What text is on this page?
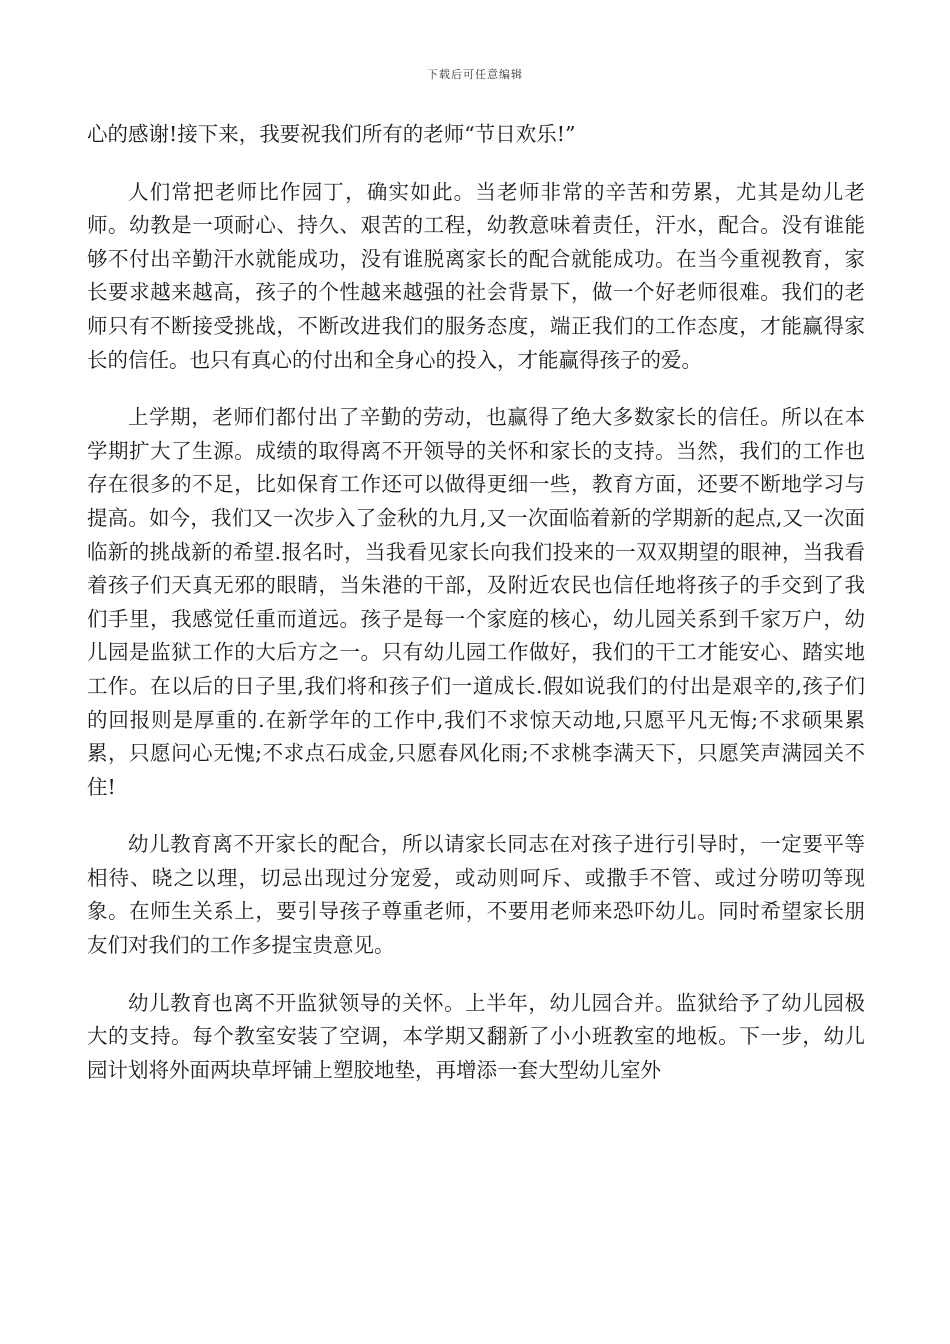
下载后可任意编辑

心的感谢!接下来，我要祝我们所有的老师“节日欢乐!”

人们常把老师比作园丁，确实如此。当老师非常的辛苦和劳累，尤其是幼儿老师。幼教是一项耐心、持久、艰苦的工程，幼教意味着责任，汗水，配合。没有谁能够不付出辛勤汗水就能成功，没有谁脱离家长的配合就能成功。在当今重视教育，家长要求越来越高，孩子的个性越来越强的社会背景下，做一个好老师很难。我们的老师只有不断接受挑战，不断改进我们的服务态度，端正我们的工作态度，才能赢得家长的信任。也只有真心的付出和全身心的投入，才能赢得孩子的爱。

上学期，老师们都付出了辛勤的劳动，也赢得了绝大多数家长的信任。所以在本学期扩大了生源。成绩的取得离不开领导的关怀和家长的支持。当然，我们的工作也存在很多的不足，比如保育工作还可以做得更细一些，教育方面，还要不断地学习与提高。如今，我们又一次步入了金秋的九月,又一次面临着新的学期新的起点,又一次面临新的挑战新的希望.报名时，当我看见家长向我们投来的一双双期望的眼神，当我看着孩子们天真无邪的眼睛，当朱港的干部，及附近农民也信任地将孩子的手交到了我们手里，我感觉任重而道远。孩子是每一个家庭的核心，幼儿园关系到千家万户，幼儿园是监狱工作的大后方之一。只有幼儿园工作做好，我们的干工才能安心、踏实地工作。在以后的日子里,我们将和孩子们一道成长.假如说我们的付出是艰辛的,孩子们的回报则是厚重的.在新学年的工作中,我们不求惊天动地,只愿平凡无悔;不求硕果累累，只愿问心无愧;不求点石成金,只愿春风化雨;不求桃李满天下，只愿笑声满园关不住!

幼儿教育离不开家长的配合，所以请家长同志在对孩子进行引导时，一定要平等相待、晓之以理，切忌出现过分宠爱，或动则呵斥、或撒手不管、或过分唠叨等现象。在师生关系上，要引导孩子尊重老师，不要用老师来恐吓幼儿。同时希望家长朋友们对我们的工作多提宝贵意见。

幼儿教育也离不开监狱领导的关怀。上半年，幼儿园合并。监狱给予了幼儿园极大的支持。每个教室安装了空调，本学期又翻新了小小班教室的地板。下一步，幼儿园计划将外面两块草坪铺上塑胶地垫，再增添一套大型幼儿室外
